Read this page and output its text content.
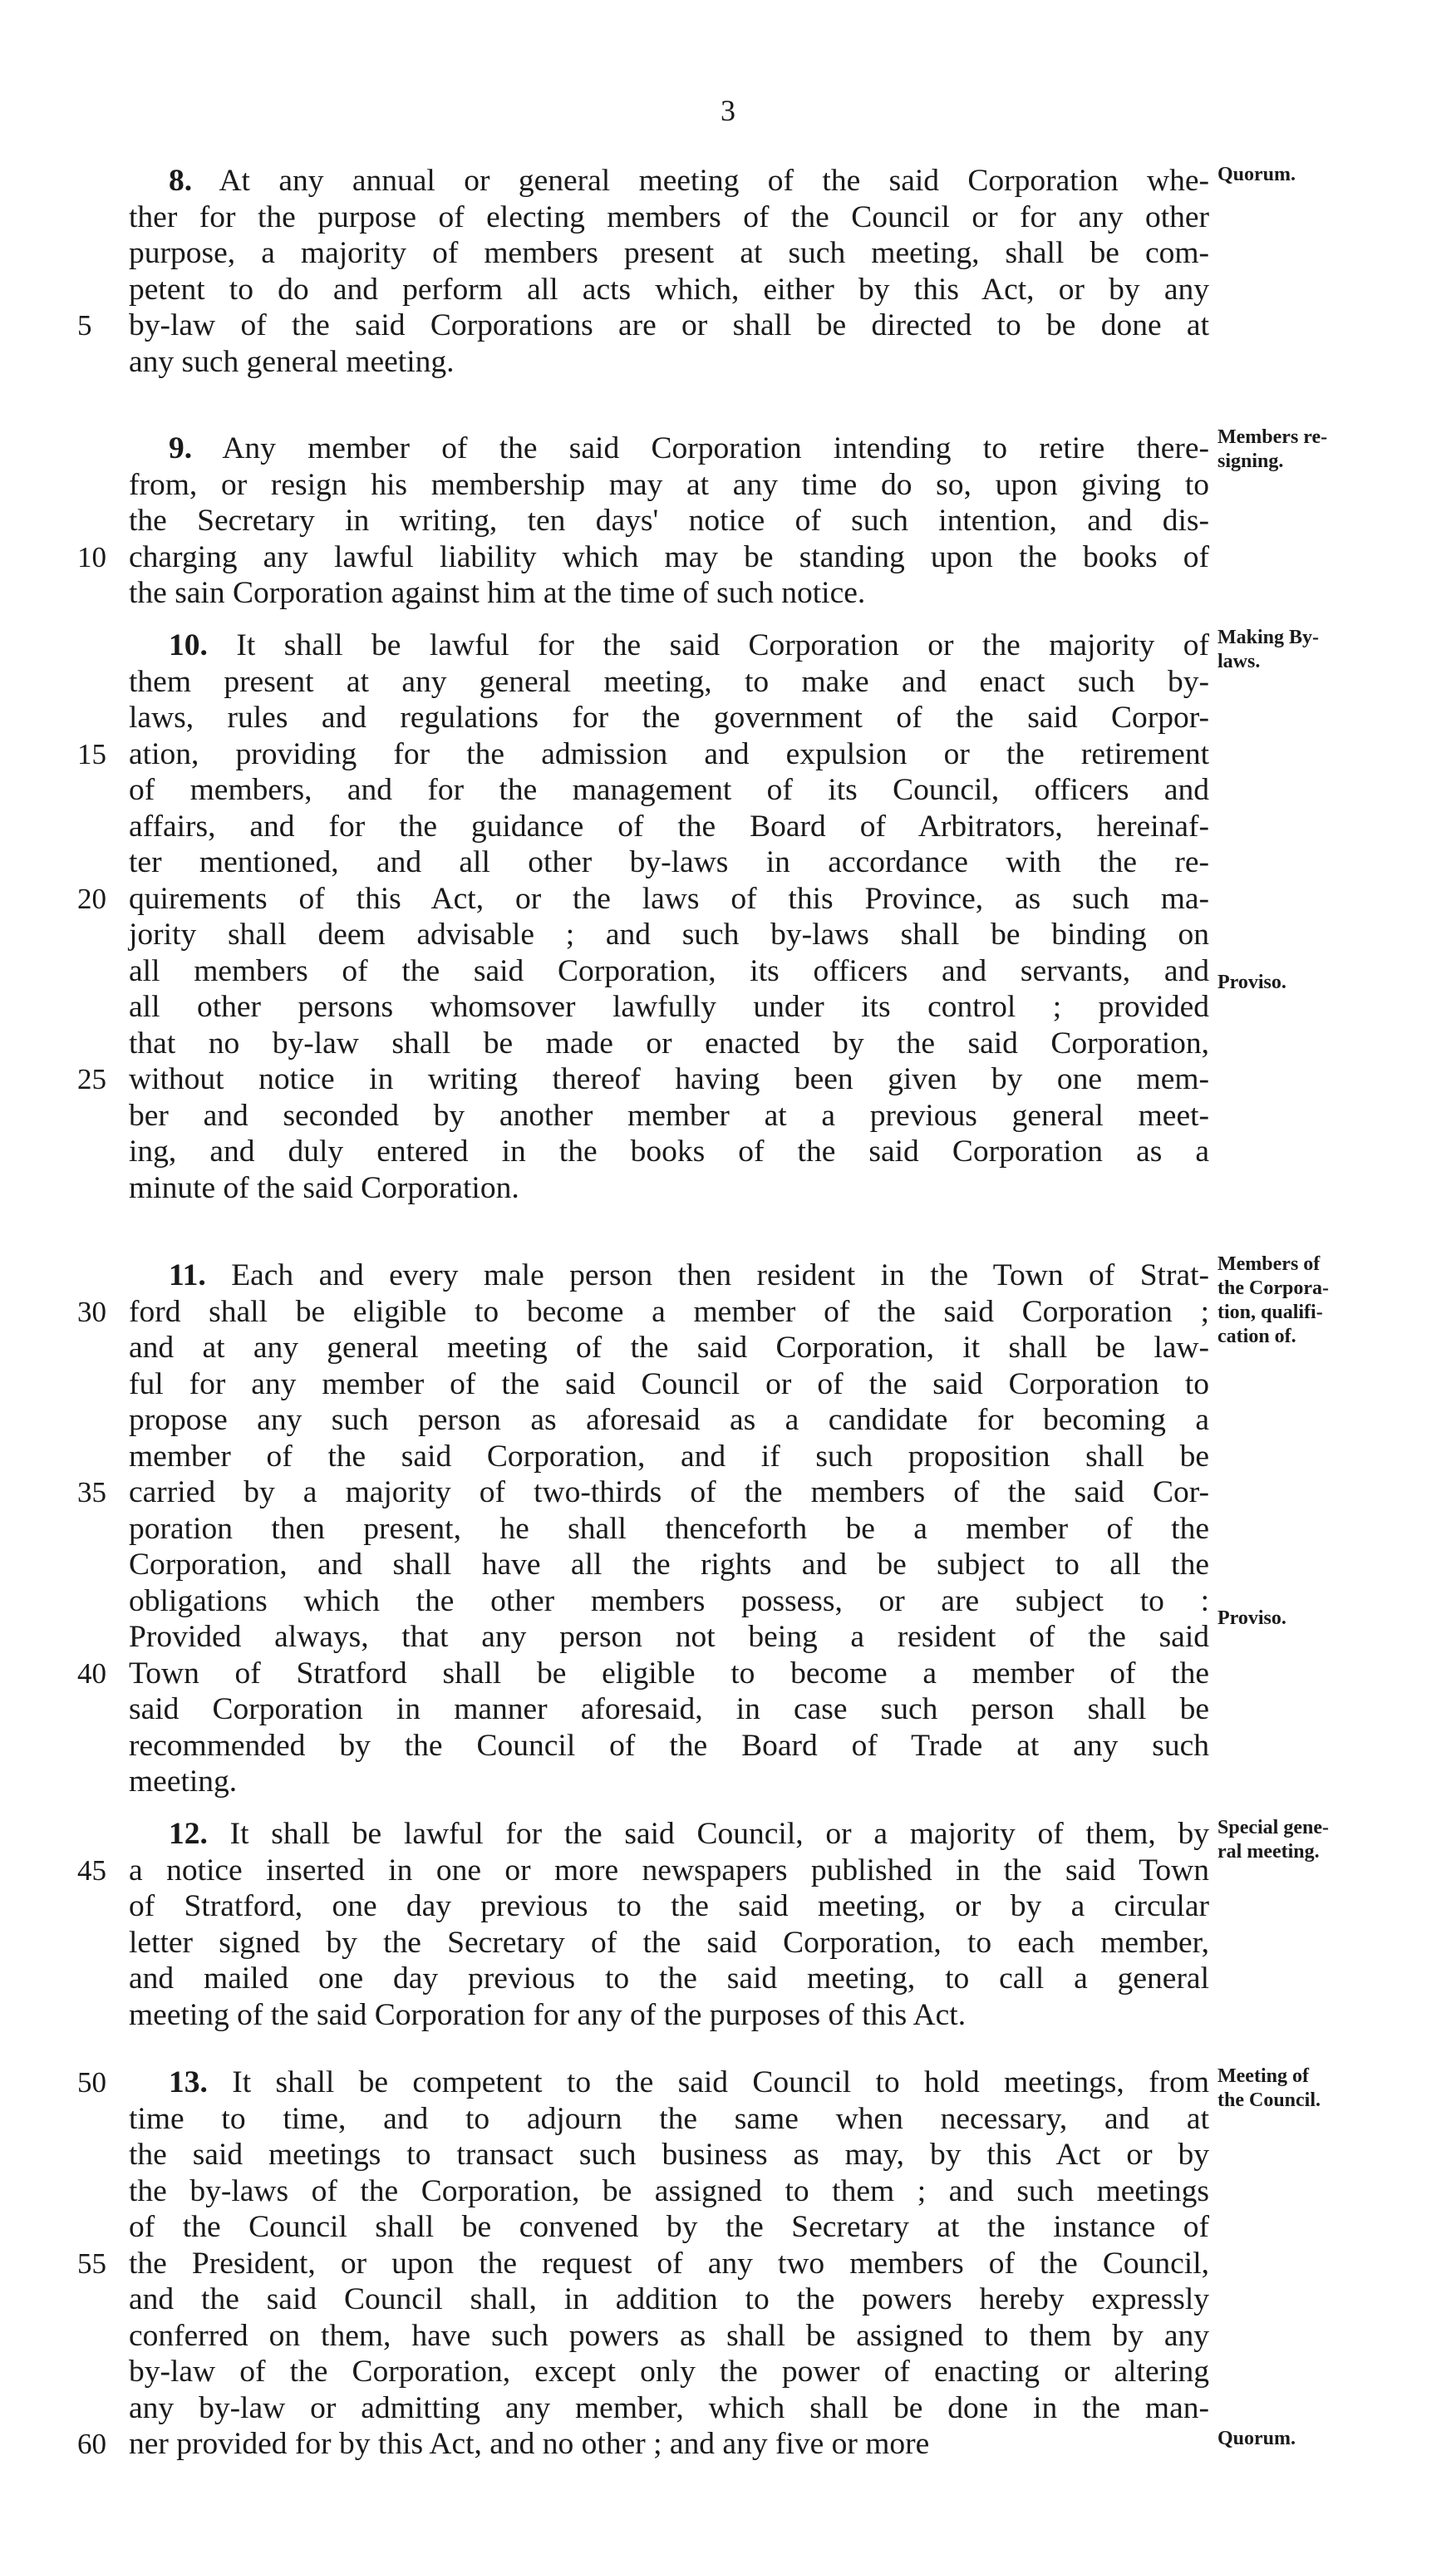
3
8. At any annual or general meeting of the said Corporation whe-
ther for the purpose of electing members of the Council or for any other
purpose, a majority of members present at such meeting, shall be com-
petent to do and perform all acts which, either by this Act, or by any
5	by-law of the said Corporations are or shall be directed to be done at
any such general meeting.
9. Any member of the said Corporation intending to retire there-
from, or resign his membership may at any time do so, upon giving to
the Secretary in writing, ten days' notice of such intention, and dis-
10 charging any lawful liability which may be standing upon the books of
the sain Corporation against him at the time of such notice.
10. It shall be lawful for the said Corporation or the majority of
them present at any general meeting, to make and enact such by-
laws, rules and regulations for the government of the said Corpor-
15 ation, providing for the admission and expulsion or the retirement
of members, and for the management of its Council, officers and
affairs, and for the guidance of the Board of Arbitrators, hereinaf-
ter mentioned, and all other by-laws in accordance with the re-
20 quirements of this Act, or the laws of this Province, as such ma-
jority shall deem advisable ; and such by-laws shall be binding on
all members of the said Corporation, its officers and servants, and
all other persons whomsover lawfully under its control ; provided
that no by-law shall be made or enacted by the said Corporation,
25 without notice in writing thereof having been given by one mem-
ber and seconded by another member at a previous general meet-
ing, and duly entered in the books of the said Corporation as a
minute of the said Corporation.
11. Each and every male person then resident in the Town of Strat-
30 ford shall be eligible to become a member of the said Corporation ;
and at any general meeting of the said Corporation, it shall be law-
ful for any member of the said Council or of the said Corporation to
propose any such person as aforesaid as a candidate for becoming a
member of the said Corporation, and if such proposition shall be
35 carried by a majority of two-thirds of the members of the said Cor-
poration then present, he shall thenceforth be a member of the
Corporation, and shall have all the rights and be subject to all the
obligations which the other members possess, or are subject to :
Provided always, that any person not being a resident of the said
40 Town of Stratford shall be eligible to become a member of the
said Corporation in manner aforesaid, in case such person shall be
recommended by the Council of the Board of Trade at any such
meeting.
12. It shall be lawful for the said Council, or a majority of them, by
45 a notice inserted in one or more newspapers published in the said Town
of Stratford, one day previous to the said meeting, or by a circular
letter signed by the Secretary of the said Corporation, to each member,
and mailed one day previous to the said meeting, to call a general
meeting of the said Corporation for any of the purposes of this Act.
50	13. It shall be competent to the said Council to hold meetings, from
time to time, and to adjourn the same when necessary, and at
the said meetings to transact such business as may, by this Act or by
the by-laws of the Corporation, be assigned to them ; and such meetings
of the Council shall be convened by the Secretary at the instance of
55 the President, or upon the request of any two members of the Council,
and the said Council shall, in addition to the powers hereby expressly
conferred on them, have such powers as shall be assigned to them by any
by-law of the Corporation, except only the power of enacting or altering
any by-law or admitting any member, which shall be done in the man-
60 ner provided for by this Act, and no other ; and any five or more
Quorum.
Members re-
signing.
Making By-
laws.
Proviso.
Members of
the Corpora-
tion, qualifi-
cation of.
Proviso.
Special gene-
ral meeting.
Meeting of
the Council.
Quorum.
